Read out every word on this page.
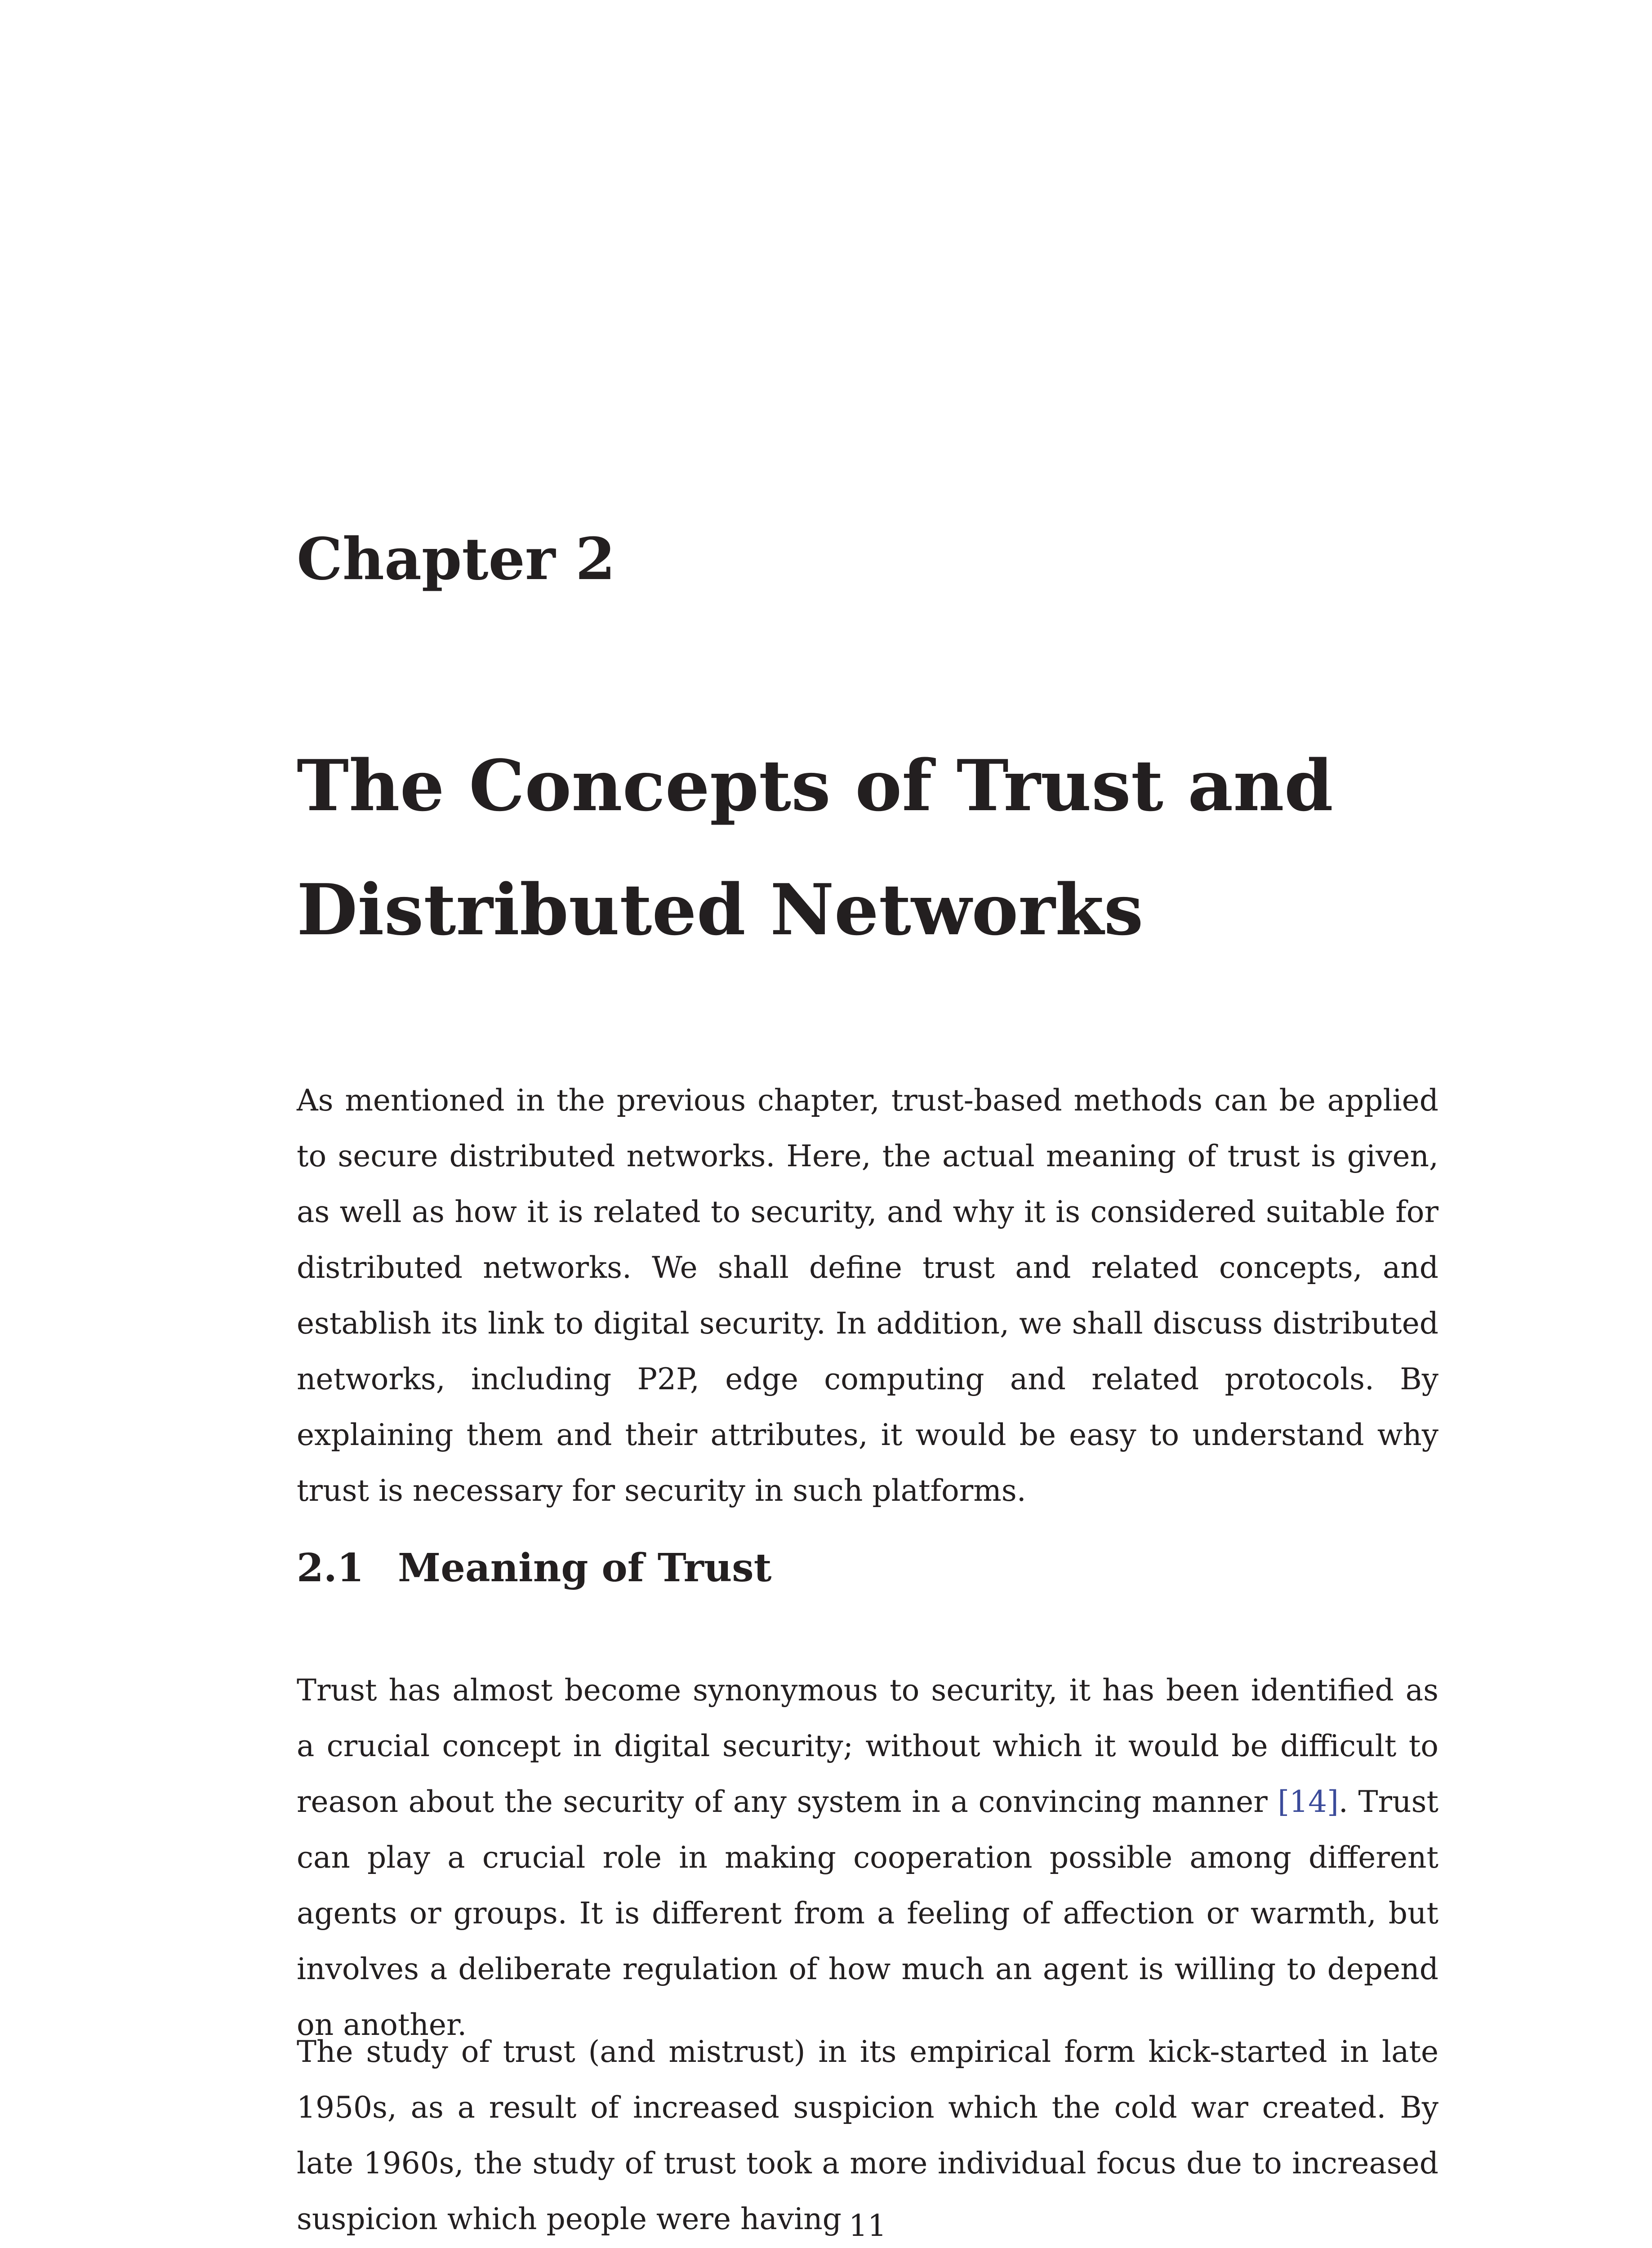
Chapter 2
The Concepts of Trust and
Distributed Networks

As mentioned in the previous chapter, trust-based methods can be applied to secure distributed networks. Here, the actual meaning of trust is given, as well as how it is related to security, and why it is considered suitable for distributed networks. We shall define trust and related concepts, and establish its link to digital security. In addition, we shall discuss distributed networks, including P2P, edge computing and related protocols. By explaining them and their attributes, it would be easy to understand why trust is necessary for security in such platforms.

2.1 Meaning of Trust

Trust has almost become synonymous to security, it has been identified as a crucial concept in digital security; without which it would be difficult to reason about the security of any system in a convincing manner [14]. Trust can play a crucial role in making cooperation possible among different agents or groups. It is different from a feeling of affection or warmth, but involves a deliberate regulation of how much an agent is willing to depend on another.

The study of trust (and mistrust) in its empirical form kick-started in late 1950s, as a result of increased suspicion which the cold war created. By late 1960s, the study of trust took a more individual focus due to increased suspicion which people were having 11
